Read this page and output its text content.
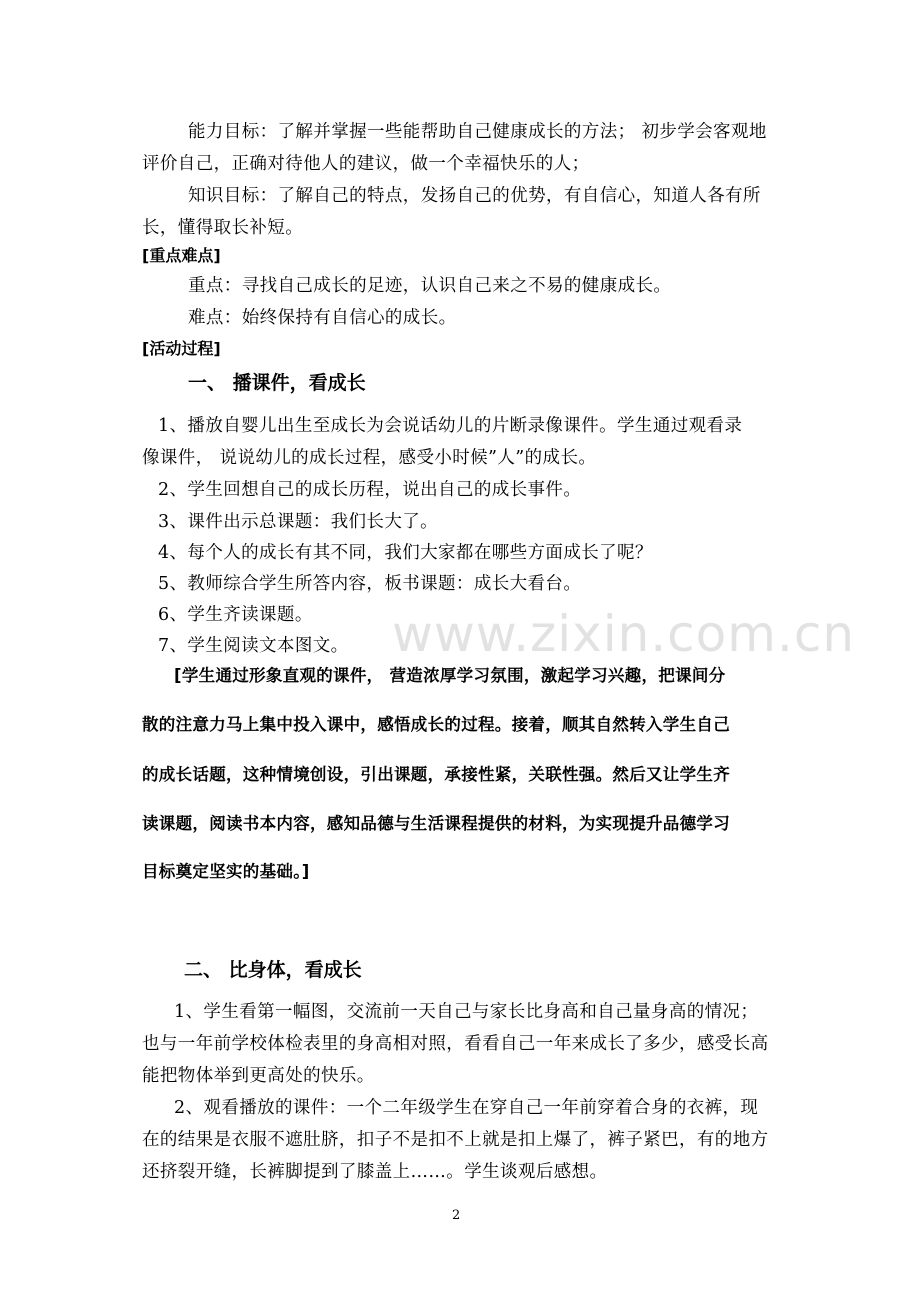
能力目标：了解并掌握一些能帮助自己健康成长的方法； 初步学会客观地
评价自己，正确对待他人的建议，做一个幸福快乐的人；
知识目标：了解自己的特点，发扬自己的优势，有自信心，知道人各有所
长，懂得取长补短。
[重点难点]
重点：寻找自己成长的足迹，认识自己来之不易的健康成长。
难点：始终保持有自信心的成长。
[活动过程]
一、 播课件，看成长
1、播放自婴儿出生至成长为会说话幼儿的片断录像课件。学生通过观看录
像课件， 说说幼儿的成长过程，感受小时候”人”的成长。
2、学生回想自己的成长历程，说出自己的成长事件。
3、课件出示总课题：我们长大了。
4、每个人的成长有其不同，我们大家都在哪些方面成长了呢？
5、教师综合学生所答内容，板书课题：成长大看台。
6、学生齐读课题。
7、学生阅读文本图文。 www.zixin.com.cn
[学生通过形象直观的课件， 营造浓厚学习氛围，激起学习兴趣，把课间分
散的注意力马上集中投入课中，感悟成长的过程。接着，顺其自然转入学生自己
的成长话题，这种情境创设，引出课题，承接性紧，关联性强。然后又让学生齐
读课题，阅读书本内容，感知品德与生活课程提供的材料，为实现提升品德学习
目标奠定坚实的基础。]
二、 比身体，看成长
1、学生看第一幅图，交流前一天自己与家长比身高和自己量身高的情况；
也与一年前学校体检表里的身高相对照，看看自己一年来成长了多少，感受长高
能把物体举到更高处的快乐。
2、观看播放的课件：一个二年级学生在穿自己一年前穿着合身的衣裤，现
在的结果是衣服不遮肚脐，扣子不是扣不上就是扣上爆了，裤子紧巴，有的地方
还挤裂开缝，长裤脚提到了膝盖上……。学生谈观后感想。
2
